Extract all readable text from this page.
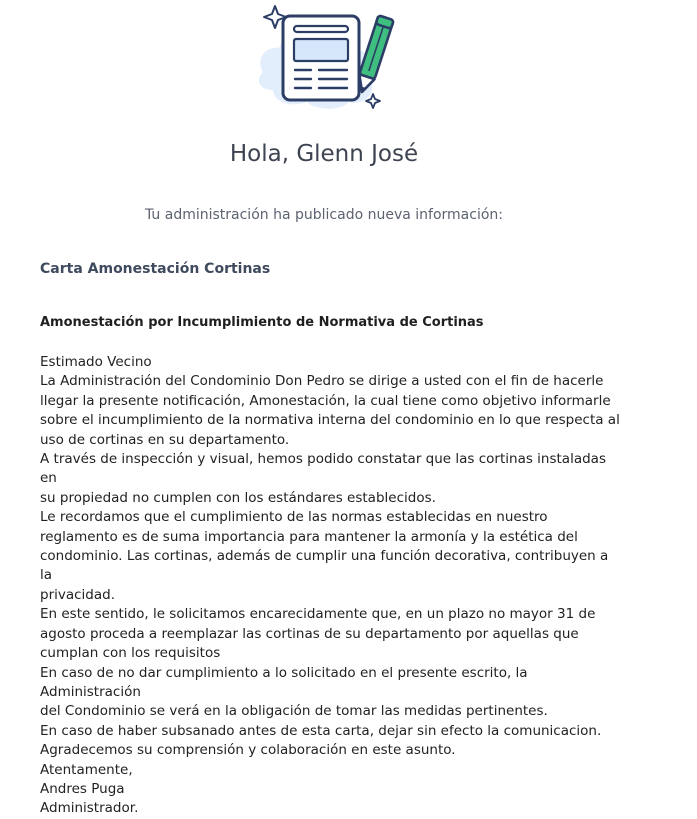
Hola, Glenn José

Tu administración ha publicado nueva información:

Carta Amonestación Cortinas
Amonestación por Incumplimiento de Normativa de Cortinas

Estimado Vecino

La Administración del Condominio Don Pedro se dirige a usted con el fin de hacerle

llegar la presente notificación, Amonestación, la cual tiene como objetivo informarle

sobre el incumplimiento de la normativa interna del condominio en lo que respecta al

uso de cortinas en su departamento.

A través de inspección y visual, hemos podido constatar que las cortinas instaladas en

su propiedad no cumplen con los estándares establecidos.

Le recordamos que el cumplimiento de las normas establecidas en nuestro

reglamento es de suma importancia para mantener la armonía y la estética del

condominio. Las cortinas, además de cumplir una función decorativa, contribuyen a la

privacidad.

En este sentido, le solicitamos encarecidamente que, en un plazo no mayor 31 de

agosto proceda a reemplazar las cortinas de su departamento por aquellas que

cumplan con los requisitos

En caso de no dar cumplimiento a lo solicitado en el presente escrito, la Administración

del Condominio se verá en la obligación de tomar las medidas pertinentes.

En caso de haber subsanado antes de esta carta, dejar sin efecto la comunicacion.

Agradecemos su comprensión y colaboración en este asunto.

Atentamente,

Andres Puga

Administrador.
